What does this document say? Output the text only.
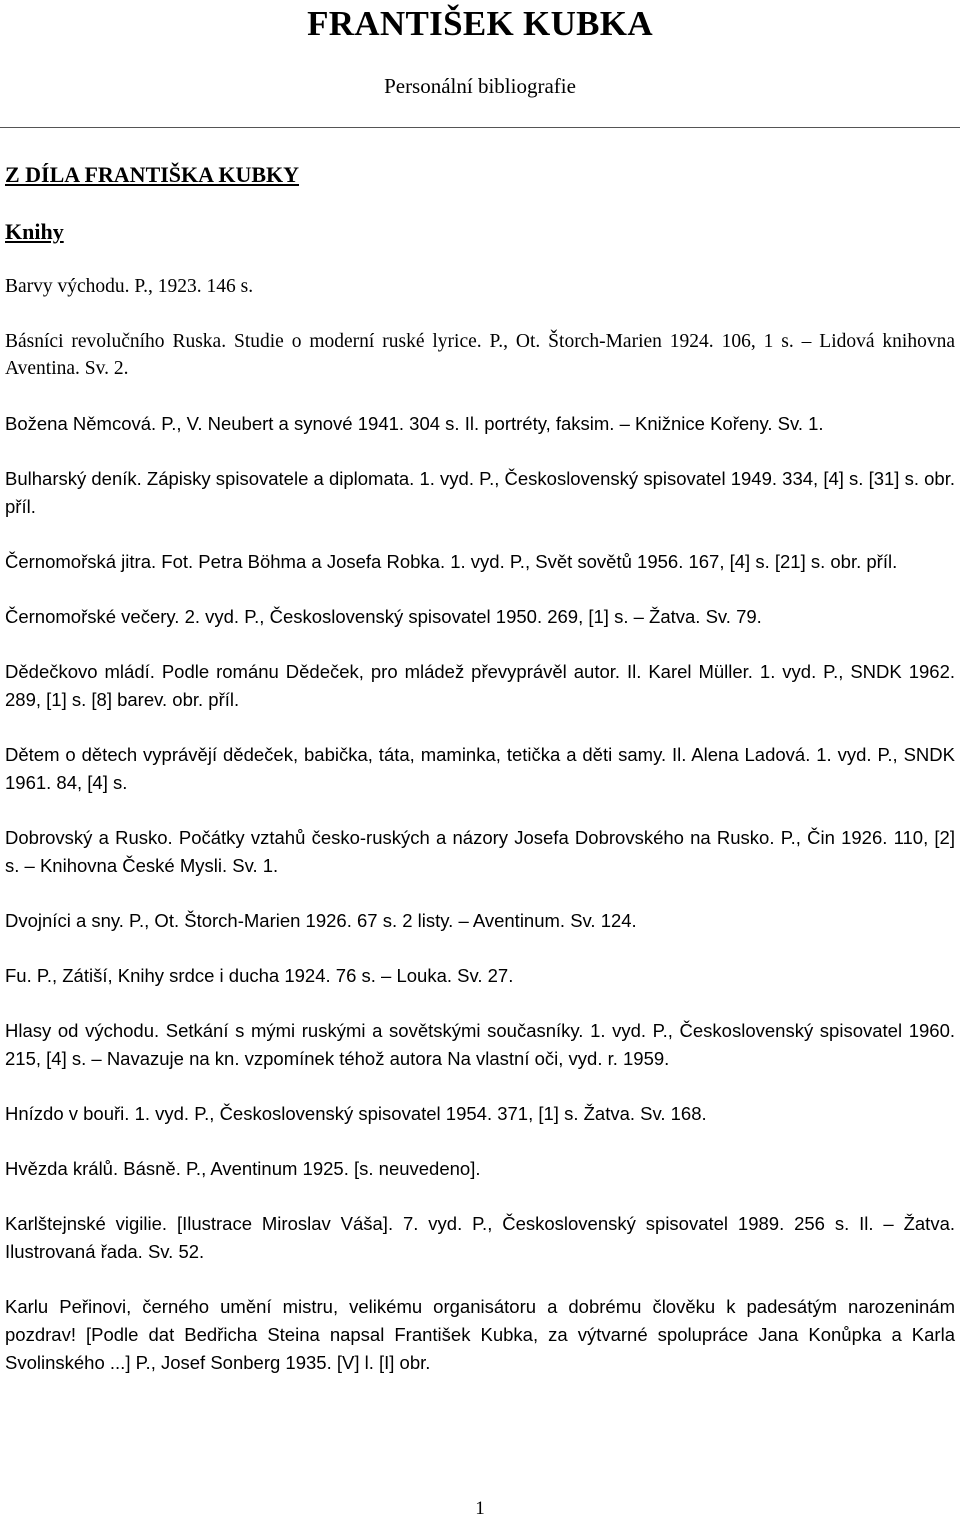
FRANTIŠEK KUBKA
Personální bibliografie
Z DÍLA FRANTIŠKA KUBKY
Knihy

Barvy východu. P., 1923. 146 s.

Básníci revolučního Ruska. Studie o moderní ruské lyrice. P., Ot. Štorch-Marien 1924. 106, 1 s. – Lidová knihovna Aventina. Sv. 2.

Božena Němcová. P., V. Neubert a synové 1941. 304 s. Il. portréty, faksim. – Knižnice Kořeny. Sv. 1.

Bulharský deník. Zápisky spisovatele a diplomata. 1. vyd. P., Československý spisovatel 1949. 334, [4] s. [31] s. obr. příl.

Černomořská jitra. Fot. Petra Böhma a Josefa Robka. 1. vyd. P., Svět sovětů 1956. 167, [4] s. [21] s. obr. příl.

Černomořské večery. 2. vyd. P., Československý spisovatel 1950. 269, [1] s. – Žatva. Sv. 79.

Dědečkovo mládí. Podle románu Dědeček, pro mládež převyprávěl autor. Il. Karel Müller. 1. vyd. P., SNDK 1962. 289, [1] s. [8] barev. obr. příl.

Dětem o dětech vyprávějí dědeček, babička, táta, maminka, tetička a děti samy. Il. Alena Ladová. 1. vyd. P., SNDK 1961. 84, [4] s.

Dobrovský a Rusko. Počátky vztahů česko-ruských a názory Josefa Dobrovského na Rusko. P., Čin 1926. 110, [2] s. – Knihovna České Mysli. Sv. 1.

Dvojníci a sny. P., Ot. Štorch-Marien 1926. 67 s. 2 listy. – Aventinum. Sv. 124.

Fu. P., Zátiší, Knihy srdce i ducha 1924. 76 s. – Louka. Sv. 27.

Hlasy od východu. Setkání s mými ruskými a sovětskými současníky. 1. vyd. P., Československý spisovatel 1960. 215, [4] s. – Navazuje na kn. vzpomínek téhož autora Na vlastní oči, vyd. r. 1959.

Hnízdo v bouři. 1. vyd. P., Československý spisovatel 1954. 371, [1] s. Žatva. Sv. 168.

Hvězda králů. Básně. P., Aventinum 1925. [s. neuvedeno].

Karlštejnské vigilie. [Ilustrace Miroslav Váša]. 7. vyd. P., Československý spisovatel 1989. 256 s. Il. – Žatva. Ilustrovaná řada. Sv. 52.

Karlu Peřinovi, černého umění mistru, velikému organisátoru a dobrému člověku k padesátým narozeninám pozdrav! [Podle dat Bedřicha Steina napsal František Kubka, za výtvarné spolupráce Jana Konůpka a Karla Svolinského ...] P., Josef Sonberg 1935. [V] l. [I] obr.

1
